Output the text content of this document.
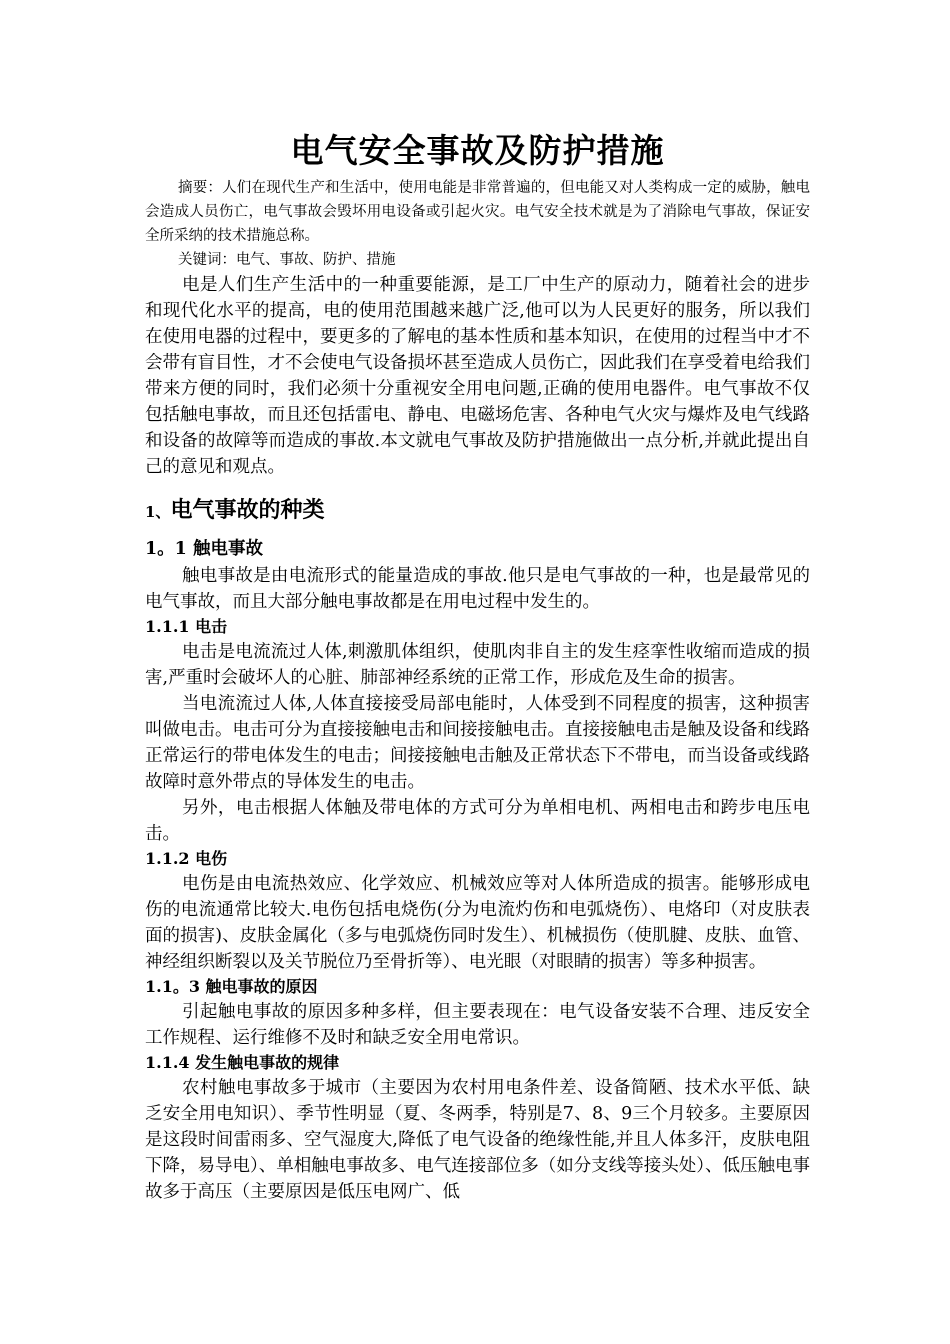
电气安全事故及防护措施

摘要：人们在现代生产和生活中，使用电能是非常普遍的，但电能又对人类构成一定的威胁，触电会造成人员伤亡，电气事故会毁坏用电设备或引起火灾。电气安全技术就是为了消除电气事故，保证安全所采纳的技术措施总称。

关键词：电气、事故、防护、措施

电是人们生产生活中的一种重要能源，是工厂中生产的原动力，随着社会的进步和现代化水平的提高，电的使用范围越来越广泛,他可以为人民更好的服务，所以我们在使用电器的过程中，要更多的了解电的基本性质和基本知识，在使用的过程当中才不会带有盲目性，才不会使电气设备损坏甚至造成人员伤亡，因此我们在享受着电给我们带来方便的同时，我们必须十分重视安全用电问题,正确的使用电器件。电气事故不仅包括触电事故，而且还包括雷电、静电、电磁场危害、各种电气火灾与爆炸及电气线路和设备的故障等而造成的事故.本文就电气事故及防护措施做出一点分析,并就此提出自己的意见和观点。

1、电气事故的种类
1。1 触电事故

触电事故是由电流形式的能量造成的事故.他只是电气事故的一种，也是最常见的电气事故，而且大部分触电事故都是在用电过程中发生的。

1.1.1 电击

电击是电流流过人体,刺激肌体组织，使肌肉非自主的发生痉挛性收缩而造成的损害,严重时会破坏人的心脏、肺部神经系统的正常工作，形成危及生命的损害。

当电流流过人体,人体直接接受局部电能时，人体受到不同程度的损害，这种损害叫做电击。电击可分为直接接触电击和间接接触电击。直接接触电击是触及设备和线路正常运行的带电体发生的电击；间接接触电击触及正常状态下不带电，而当设备或线路故障时意外带点的导体发生的电击。

另外，电击根据人体触及带电体的方式可分为单相电机、两相电击和跨步电压电击。

1.1.2 电伤

电伤是由电流热效应、化学效应、机械效应等对人体所造成的损害。能够形成电伤的电流通常比较大.电伤包括电烧伤(分为电流灼伤和电弧烧伤）、电烙印（对皮肤表面的损害)、皮肤金属化（多与电弧烧伤同时发生）、机械损伤（使肌腱、皮肤、血管、神经组织断裂以及关节脱位乃至骨折等）、电光眼（对眼睛的损害）等多种损害。

1.1。3 触电事故的原因

引起触电事故的原因多种多样，但主要表现在：电气设备安装不合理、违反安全工作规程、运行维修不及时和缺乏安全用电常识。

1.1.4 发生触电事故的规律

农村触电事故多于城市（主要因为农村用电条件差、设备简陋、技术水平低、缺乏安全用电知识）、季节性明显（夏、冬两季，特别是7、8、9三个月较多。主要原因是这段时间雷雨多、空气湿度大,降低了电气设备的绝缘性能,并且人体多汗，皮肤电阻下降，易导电）、单相触电事故多、电气连接部位多（如分支线等接头处）、低压触电事故多于高压（主要原因是低压电网广、低
